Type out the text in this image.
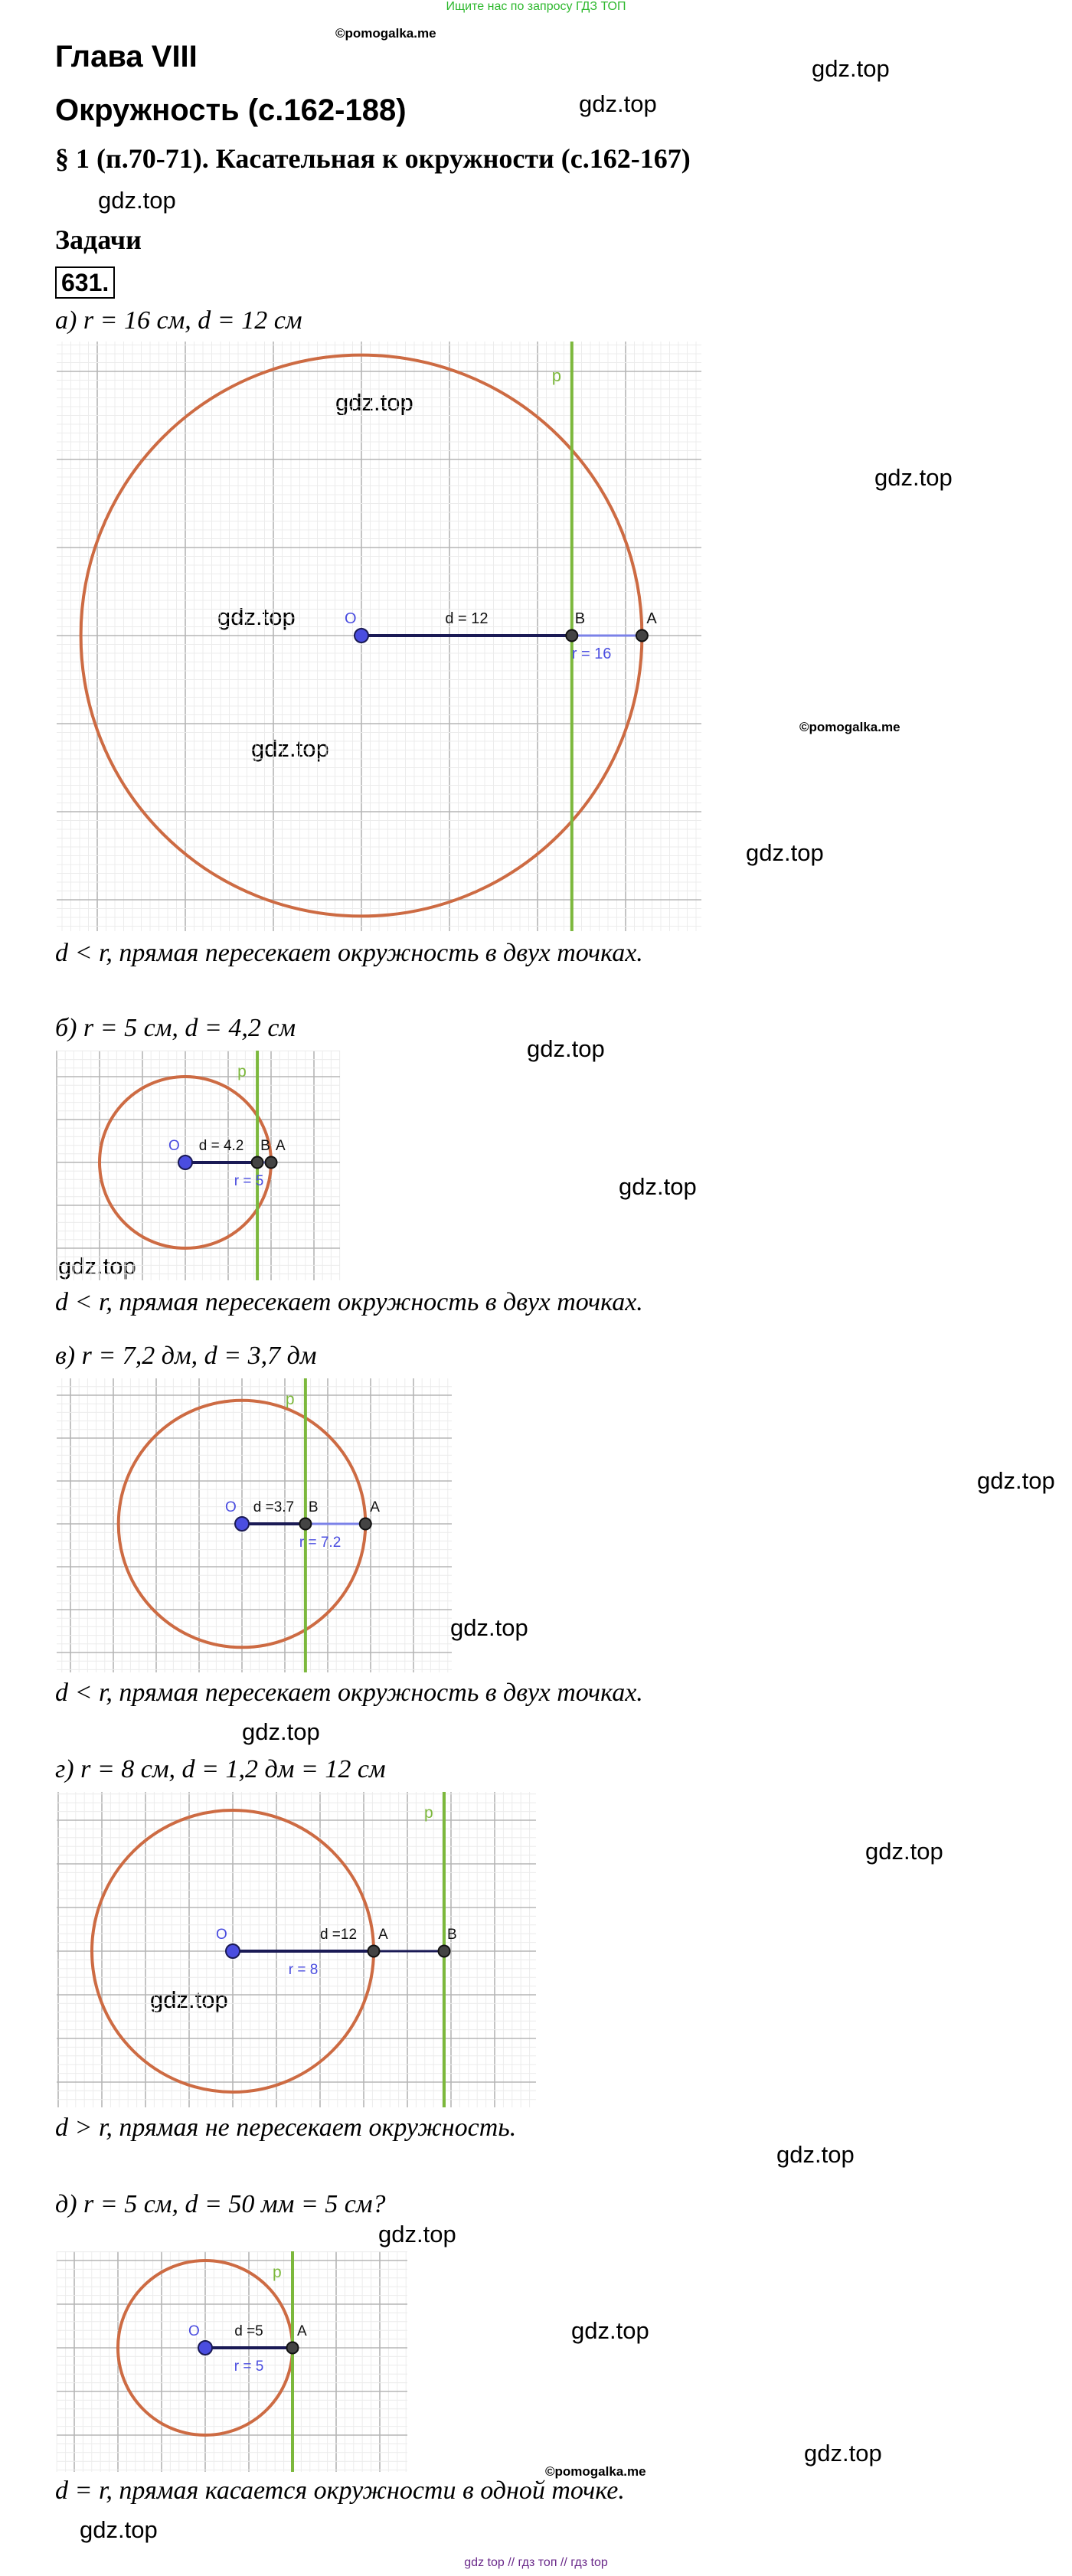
Ищите нас по запросу ГДЗ ТОП
©pomogalka.me
Глава VIII
Окружность (с.162-188)
§ 1 (п.70-71). Касательная к окружности (с.162-167)
Задачи
631.
gdz.top
gdz.top
gdz.top
gdz.top
gdz.top
gdz.top
©pomogalka.me
gdz.top
gdz.top
gdz.top
gdz.top
gdz.top
gdz.top
gdz.top
gdz.top
gdz.top
gdz.top
gdz.top
gdz.top
gdz.top
gdz.top
©pomogalka.me
gdz.top
а) r = 16 см, d = 12 см
p
O	d = 12
r = 16
B	A
d < r, прямая пересекает окружность в двух точках.
б) r = 5 см, d = 4,2 см
p
O d = 4.2
r = 5
B A
d < r, прямая пересекает окружность в двух точках.
в) r = 7,2 дм, d = 3,7 дм
p
O d =3.7
r = 7.2
B	A
d < r, прямая пересекает окружность в двух точках.
г) r = 8 см, d = 1,2 дм = 12 см
p
O	d =12
r = 8
B
A
d > r, прямая не пересекает окружность.
д) r = 5 см, d = 50 мм = 5 см?
p
O d =5
r = 5
A
d = r, прямая касается окружности в одной точке.
gdz top // гдз топ // гдз top
